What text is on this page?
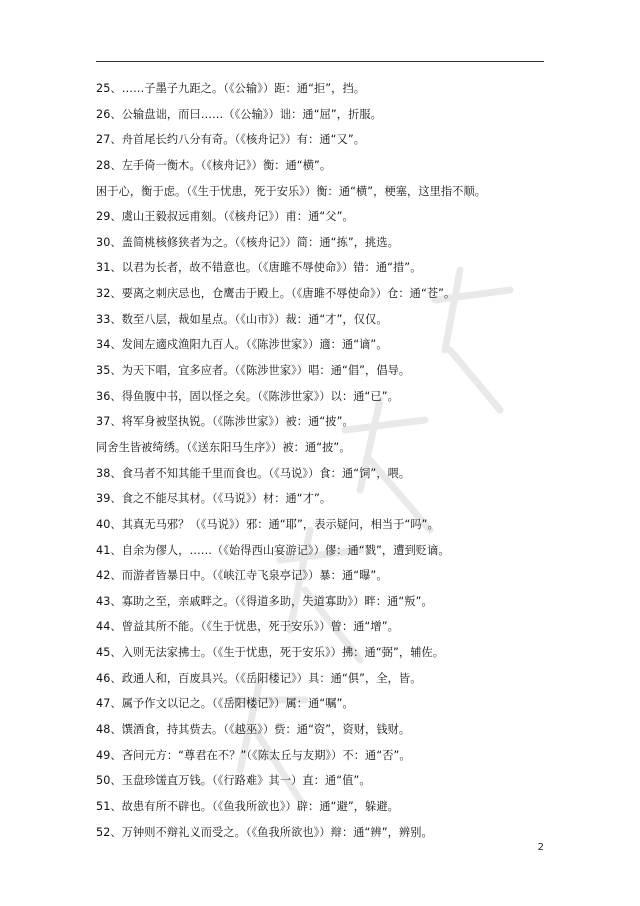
25、……子墨子九距之。（《公输》）距：通“拒”，挡。
26、公输盘诎，而曰……（《公输》）诎：通“屈”，折服。
27、舟首尾长约八分有奇。（《核舟记》）有：通“又”。
28、左手倚一衡木。（《核舟记》）衡：通“横”。
困于心，衡于虑。（《生于忧患，死于安乐》）衡：通“横”，梗塞，这里指不顺。
29、虞山王毅叔远甫刻。（《核舟记》）甫：通“父”。
30、盖简桃核修狭者为之。（《核舟记》）简：通“拣”，挑选。
31、以君为长者，故不错意也。（《唐雎不辱使命》）错：通“措”。
32、要离之刺庆忌也，仓鹰击于殿上。（《唐雎不辱使命》）仓：通“苍”。
33、数至八层，裁如星点。（《山市》）裁：通“才”，仅仅。
34、发闾左適戍渔阳九百人。（《陈涉世家》）適：通“谪”。
35、为天下唱，宜多应者。（《陈涉世家》）唱：通“倡”，倡导。
36、得鱼腹中书，固以怪之矣。（《陈涉世家》）以：通“已”。
37、将军身被坚执锐。（《陈涉世家》）被：通“披”。
同舍生皆被绮绣。（《送东阳马生序》）被：通“披”。
38、食马者不知其能千里而食也。（《马说》）食：通“饲”，喂。
39、食之不能尽其材。（《马说》）材：通“才”。
40、其真无马邪？（《马说》）邪：通“耶”，表示疑问，相当于“吗”。
41、自余为僇人，……（《始得西山宴游记》）僇：通“戮”，遭到贬谪。
42、而游者皆暴日中。（《峡江寺飞泉亭记》）暴：通“曝”。
43、寡助之至，亲戚畔之。（《得道多助，失道寡助》）畔：通“叛”。
44、曾益其所不能。（《生于忧患，死于安乐》）曾：通“增”。
45、入则无法家拂士。（《生于忧患，死于安乐》）拂：通“弼”，辅佐。
46、政通人和，百废具兴。（《岳阳楼记》）具：通“俱”，全，皆。
47、属予作文以记之。（《岳阳楼记》）属：通“嘱”。
48、馔酒食，持其赀去。（《越巫》）赀：通“资”，资财，钱财。
49、吝问元方：“尊君在不？”（《陈太丘与友期》）不：通“否”。
50、玉盘珍馐直万钱。（《行路难》其一）直：通“值”。
51、故患有所不辟也。（《鱼我所欲也》）辟：通“避”，躲避。
52、万钟则不辩礼义而受之。（《鱼我所欲也》）辩：通“辨”，辨别。
2
